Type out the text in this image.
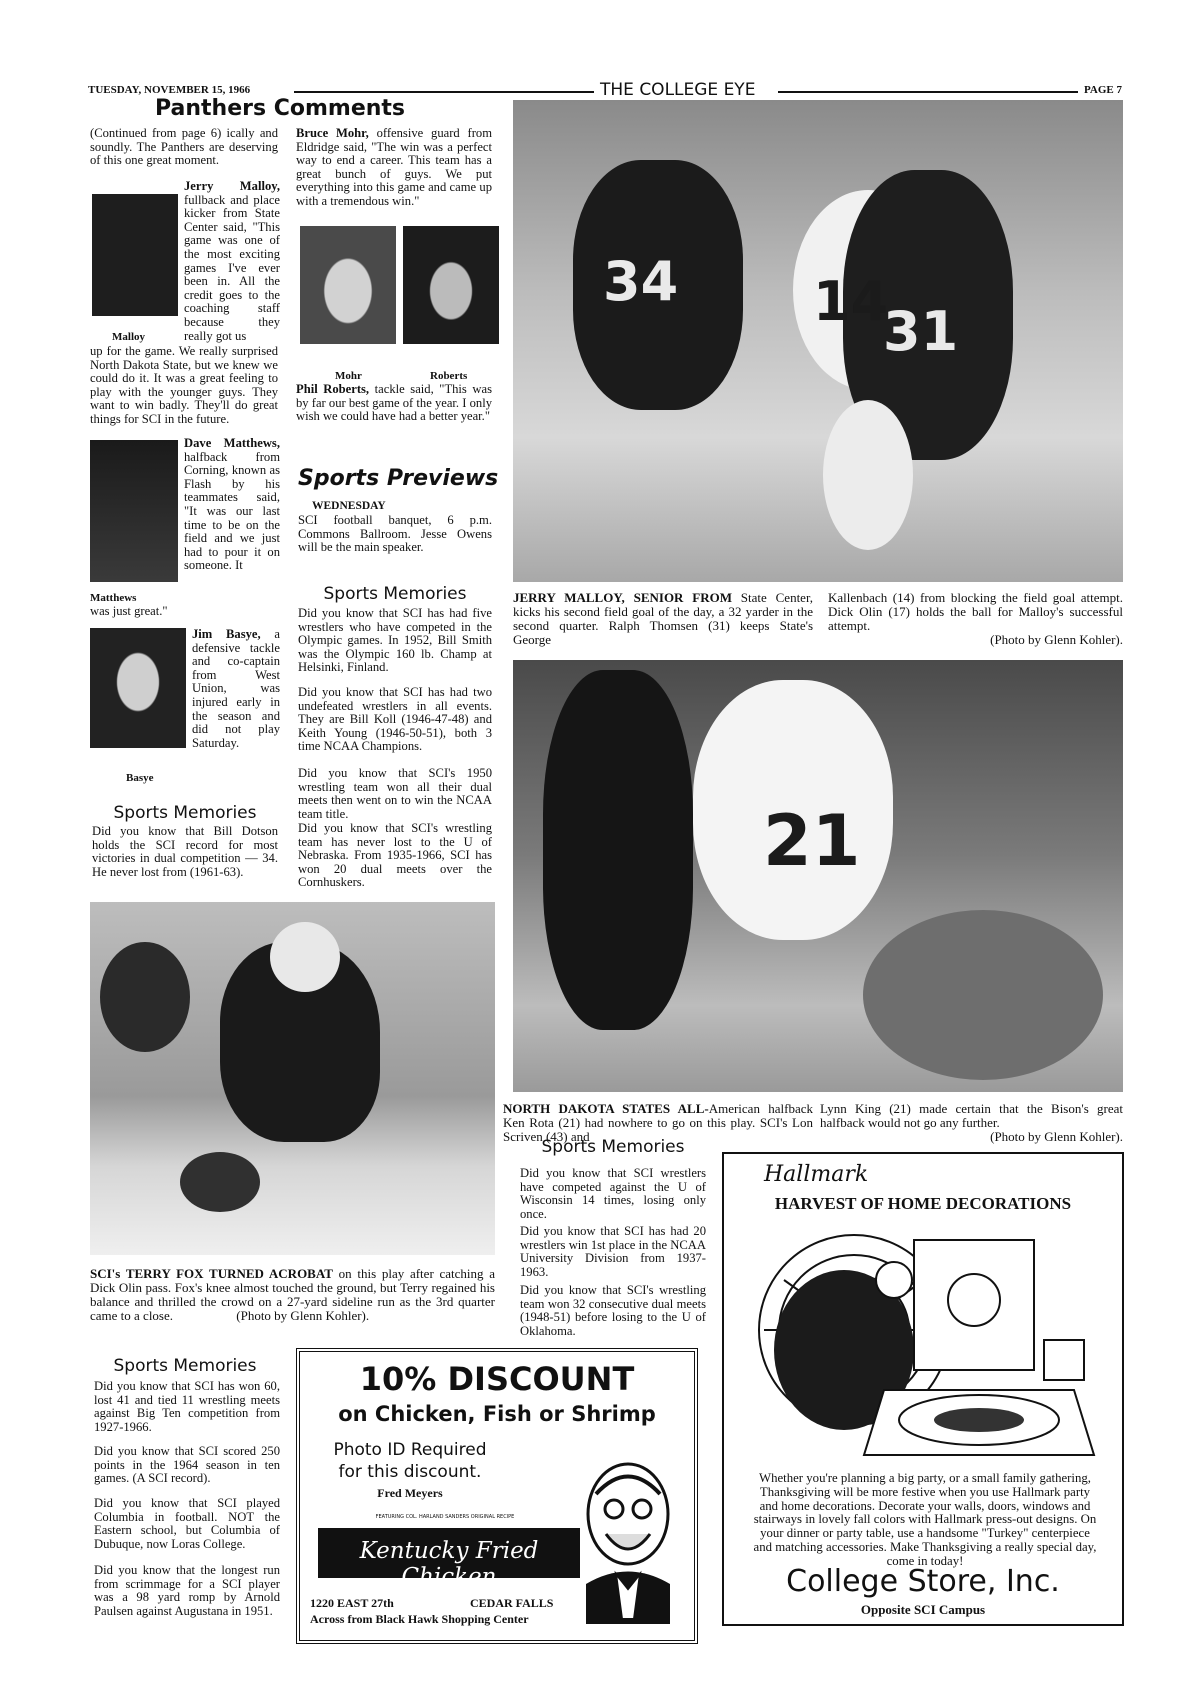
TUESDAY, NOVEMBER 15, 1966	THE COLLEGE EYE	PAGE 7
Panthers Comments
(Continued from page 6) ically and soundly. The Panthers are deserving of this one great moment.
Malloy
Jerry Malloy, fullback and place kicker from State Center said, "This game was one of the most exciting games I've ever been in. All the credit goes to the coaching staff because they really got us
up for the game. We really surprised North Dakota State, but we knew we could do it. It was a great feeling to play with the younger guys. They want to win badly. They'll do great things for SCI in the future.
Dave Matthews, halfback from Corning, known as Flash by his teammates said, "It was our last time to be on the field and we just had to pour it on someone. It
was just great."
Matthews
Jim Basye, a defensive tackle and co-captain from West Union, was injured early in the season and did not play Saturday.
Basye
Sports Memories
Did you know that Bill Dotson holds the SCI record for most victories in dual competition — 34. He never lost from (1961-63).
Bruce Mohr, offensive guard from Eldridge said, "The win was a perfect way to end a career. This team has a great bunch of guys. We put everything into this game and came up with a tremendous win."
Mohr	Roberts
Phil Roberts, tackle said, "This was by far our best game of the year. I only wish we could have had a better year."
Sports Previews
WEDNESDAY
SCI football banquet, 6 p.m. Commons Ballroom. Jesse Owens will be the main speaker.
Sports Memories
Did you know that SCI has had five wrestlers who have competed in the Olympic games. In 1952, Bill Smith was the Olympic 160 lb. Champ at Helsinki, Finland.
Did you know that SCI has had two undefeated wrestlers in all events. They are Bill Koll (1946-47-48) and Keith Young (1946-50-51), both 3 time NCAA Champions.
Did you know that SCI's 1950 wrestling team won all their dual meets then went on to win the NCAA team title.
Did you know that SCI's wrestling team has never lost to the U of Nebraska. From 1935-1966, SCI has won 20 dual meets over the Cornhuskers.
SCI's TERRY FOX TURNED ACROBAT on this play after catching a Dick Olin pass. Fox's knee almost touched the ground, but Terry regained his balance and thrilled the crowd on a 27-yard sideline run as the 3rd quarter came to a close.	(Photo by Glenn Kohler).
Sports Memories
Did you know that SCI has won 60, lost 41 and tied 11 wrestling meets against Big Ten competition from 1927-1966.
Did you know that SCI scored 250 points in the 1964 season in ten games. (A SCI record).
Did you know that SCI played Columbia in football. NOT the Eastern school, but Columbia of Dubuque, now Loras College.
Did you know that the longest run from scrimmage for a SCI player was a 98 yard romp by Arnold Paulsen against Augustana in 1951.
10% DISCOUNT
on Chicken, Fish or Shrimp
Photo ID Required
for this discount.
Fred Meyers
FEATURING COL. HARLAND SANDERS ORIGINAL RECIPE
Kentucky Fried Chicken
1220 EAST 27th	CEDAR FALLS
Across from Black Hawk Shopping Center
34 14
31
JERRY MALLOY, SENIOR FROM State Center, kicks his second field goal of the day, a 32 yarder in the second quarter. Ralph Thomsen (31) keeps State's George
Kallenbach (14) from blocking the field goal attempt. Dick Olin (17) holds the ball for Malloy's successful attempt.
(Photo by Glenn Kohler).
21
NORTH DAKOTA STATES ALL-American halfback Ken Rota (21) had nowhere to go on this play. SCI's Lon Scriven (43) and
Lynn King (21) made certain that the Bison's great halfback would not go any further.
(Photo by Glenn Kohler).
Sports Memories
Did you know that SCI wrestlers have competed against the U of Wisconsin 14 times, losing only once.
Did you know that SCI has had 20 wrestlers win 1st place in the NCAA University Division from 1937-1963.
Did you know that SCI's wrestling team won 32 consecutive dual meets (1948-51) before losing to the U of Oklahoma.
Hallmark
HARVEST OF HOME DECORATIONS
Whether you're planning a big party, or a small family gathering, Thanksgiving will be more festive when you use Hallmark party and home decorations. Decorate your walls, doors, windows and stairways in lovely fall colors with Hallmark press-out designs. On your dinner or party table, use a handsome "Turkey" centerpiece and matching accessories. Make Thanksgiving a really special day, come in today!
College Store, Inc.
Opposite SCI Campus
